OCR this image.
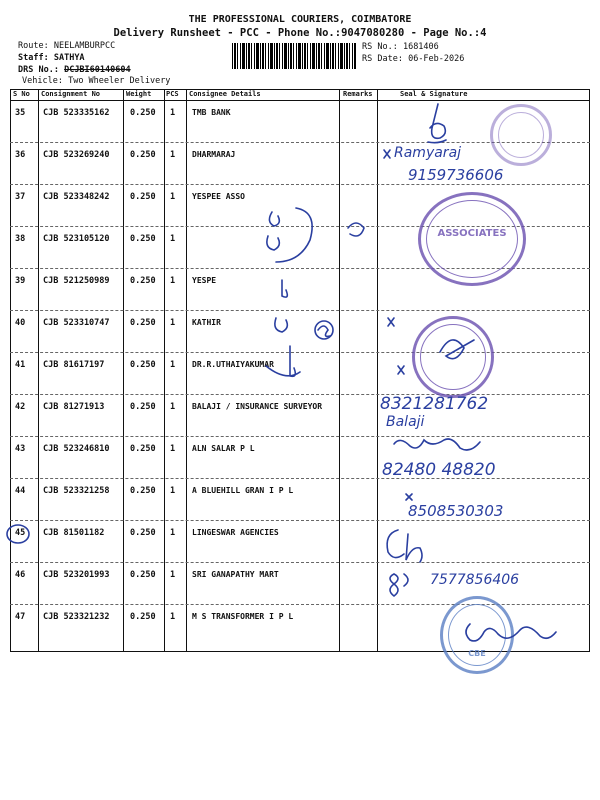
THE PROFESSIONAL COURIERS, COIMBATORE
Delivery Runsheet - PCC - Phone No.:9047080280 - Page No.:4
Route: NEELAMBURPCC
Staff: SATHYA
DRS No.: DCJBI60140604
Vehicle: Two Wheeler Delivery
RS No.: 1681406
RS Date: 06-Feb-2026
S No Consignment No	Weight PCS Consignee Details	Remarks	Seal & Signature
35 CJB 523335162 0.250 1 TMB BANK
36 CJB 523269240 0.250 1 DHARMARAJ
37 CJB 523348242 0.250 1 YESPEE ASSO
38 CJB 523105120 0.250 1
39 CJB 521250989 0.250 1 YESPE
40 CJB 523310747 0.250 1 KATHIR
41 CJB 81617197	0.250 1 DR.R.UTHAIYAKUMAR
42 CJB 81271913	0.250 1 BALAJI / INSURANCE SURVEYOR
43 CJB 523246810 0.250 1 ALN SALAR P L
44 CJB 523321258 0.250 1 A BLUEHILL GRAN I P L
45 CJB 81501182	0.250 1 LINGESWAR AGENCIES
46 CJB 523201993 0.250 1 SRI GANAPATHY MART
47 CJB 523321232 0.250 1 M S TRANSFORMER I P L
ASSOCIATES
CBE
Ramyaraj
9159736606
8321281762
Balaji
82480 48820
8508530303
7577856406
